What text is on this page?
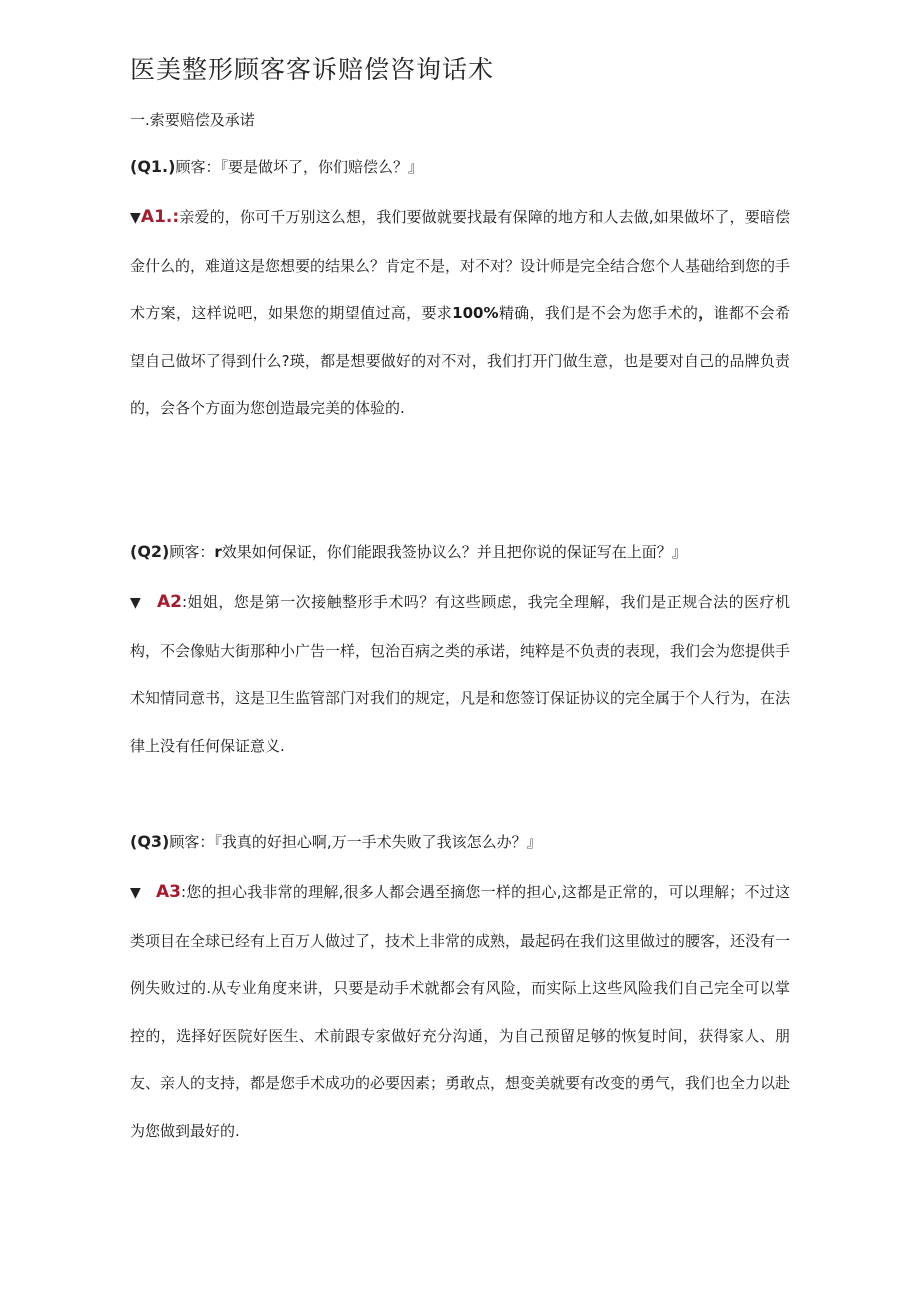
医美整形顾客客诉赔偿咨询话术
一.索要赔偿及承诺
(Q1.)顾客：『要是做坏了，你们赔偿么？』
▼A1.:亲爱的，你可千万别这么想，我们要做就要找最有保障的地方和人去做,如果做坏了，要暗偿金什么的，难道这是您想要的结果么？肯定不是，对不对？设计师是完全结合您个人基础给到您的手术方案，这样说吧，如果您的期望值过高，要求100%精确，我们是不会为您手术的，谁都不会希望自己做坏了得到什么?瑛，都是想要做好的对不对，我们打开门做生意，也是要对自己的品牌负责的，会各个方面为您创造最完美的体验的.
(Q2)顾客：r效果如何保证，你们能跟我签协议么？并且把你说的保证写在上面？』
▼ A2:姐姐，您是第一次接触整形手术吗？有这些顾虑，我完全理解，我们是正规合法的医疗机构，不会像贴大街那种小广告一样，包治百病之类的承诺，纯粹是不负责的表现，我们会为您提供手术知情同意书，这是卫生监管部门对我们的规定，凡是和您签订保证协议的完全属于个人行为，在法律上没有任何保证意义.
(Q3)顾客：『我真的好担心啊,万一手术失败了我该怎么办？』
▼ A3:您的担心我非常的理解,很多人都会遇至摘您一样的担心,这都是正常的，可以理解；不过这类项目在全球已经有上百万人做过了，技术上非常的成熟，最起码在我们这里做过的腰客，还没有一例失败过的.从专业角度来讲，只要是动手术就都会有风险，而实际上这些风险我们自己完全可以掌控的，选择好医院好医生、术前跟专家做好充分沟通，为自己预留足够的恢复时间，获得家人、朋友、亲人的支持，都是您手术成功的必要因素；勇敢点，想变美就要有改变的勇气，我们也全力以赴为您做到最好的.
